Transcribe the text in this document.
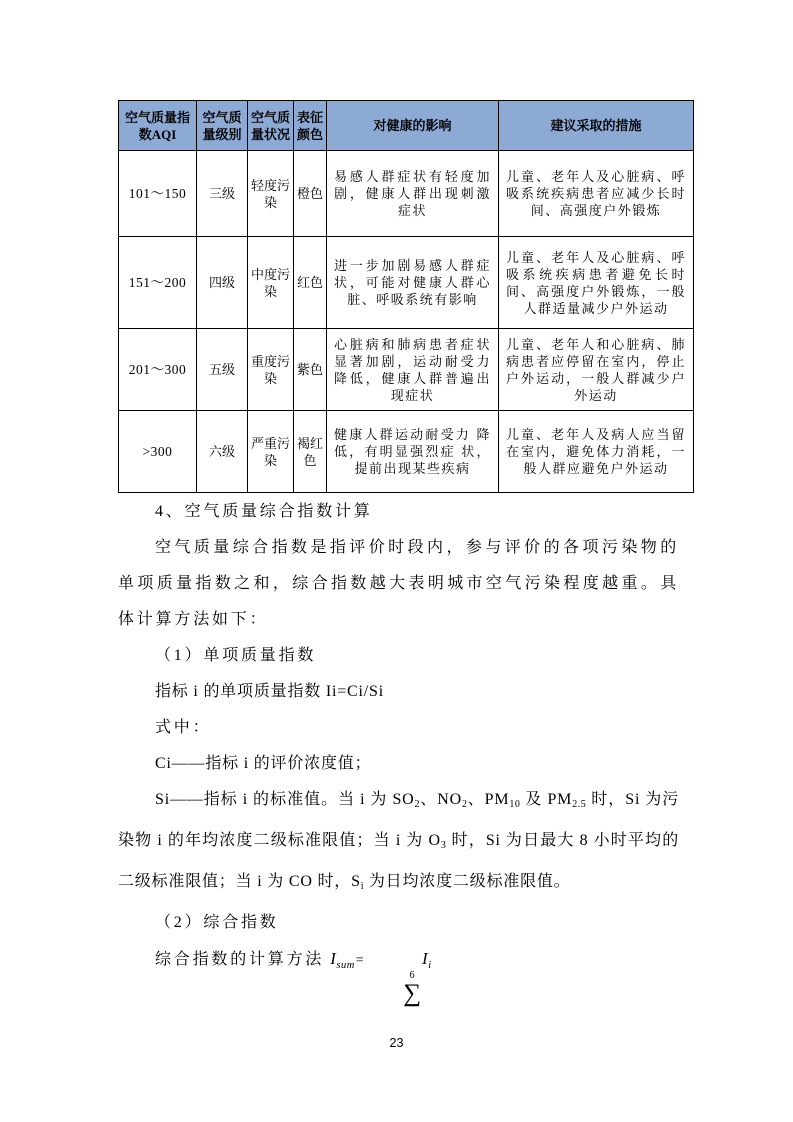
空气质量指数AQI	空气质量级别	空气质量状况	表征颜色	对健康的影响	建议采取的措施
101～150	三级	轻度污染	橙色	易感人群症状有轻度加剧，健康人群出现刺激症状	儿童、老年人及心脏病、呼吸系统疾病患者应减少长时间、高强度户外锻炼
151～200	四级	中度污染	红色	进一步加剧易感人群症状，可能对健康人群心脏、呼吸系统有影响	儿童、老年人及心脏病、呼吸系统疾病患者避免长时间、高强度户外锻炼，一般人群适量减少户外运动
201～300	五级	重度污染	紫色	心脏病和肺病患者症状显著加剧，运动耐受力降低，健康人群普遍出现症状	儿童、老年人和心脏病、肺病患者应停留在室内，停止户外运动，一般人群减少户外运动
>300	六级	严重污染	褐红色	健康人群运动耐受力 降低，有明显强烈症 状，提前出现某些疾病	儿童、老年人及病人应当留在室内，避免体力消耗，一般人群应避免户外运动

4、空气质量综合指数计算

空气质量综合指数是指评价时段内，参与评价的各项污染物的单项质量指数之和，综合指数越大表明城市空气污染程度越重。具体计算方法如下：

（1）单项质量指数

指标 i 的单项质量指数 Ii=Ci/Si

式中：

Ci——指标 i 的评价浓度值；

Si——指标 i 的标准值。当 i 为 $SO_2$、$NO_2$、$PM_{10}$ 及 $PM_{2.5}$ 时，Si 为污染物 i 的年均浓度二级标准限值；当 i 为 $O_3$ 时，Si 为日最大 8 小时平均的二级标准限值；当 i 为 CO 时，$S_i$ 为日均浓度二级标准限值。

（2）综合指数

综合指数的计算方法 $I_{sum}=$
6
∑
$I_i$

23
